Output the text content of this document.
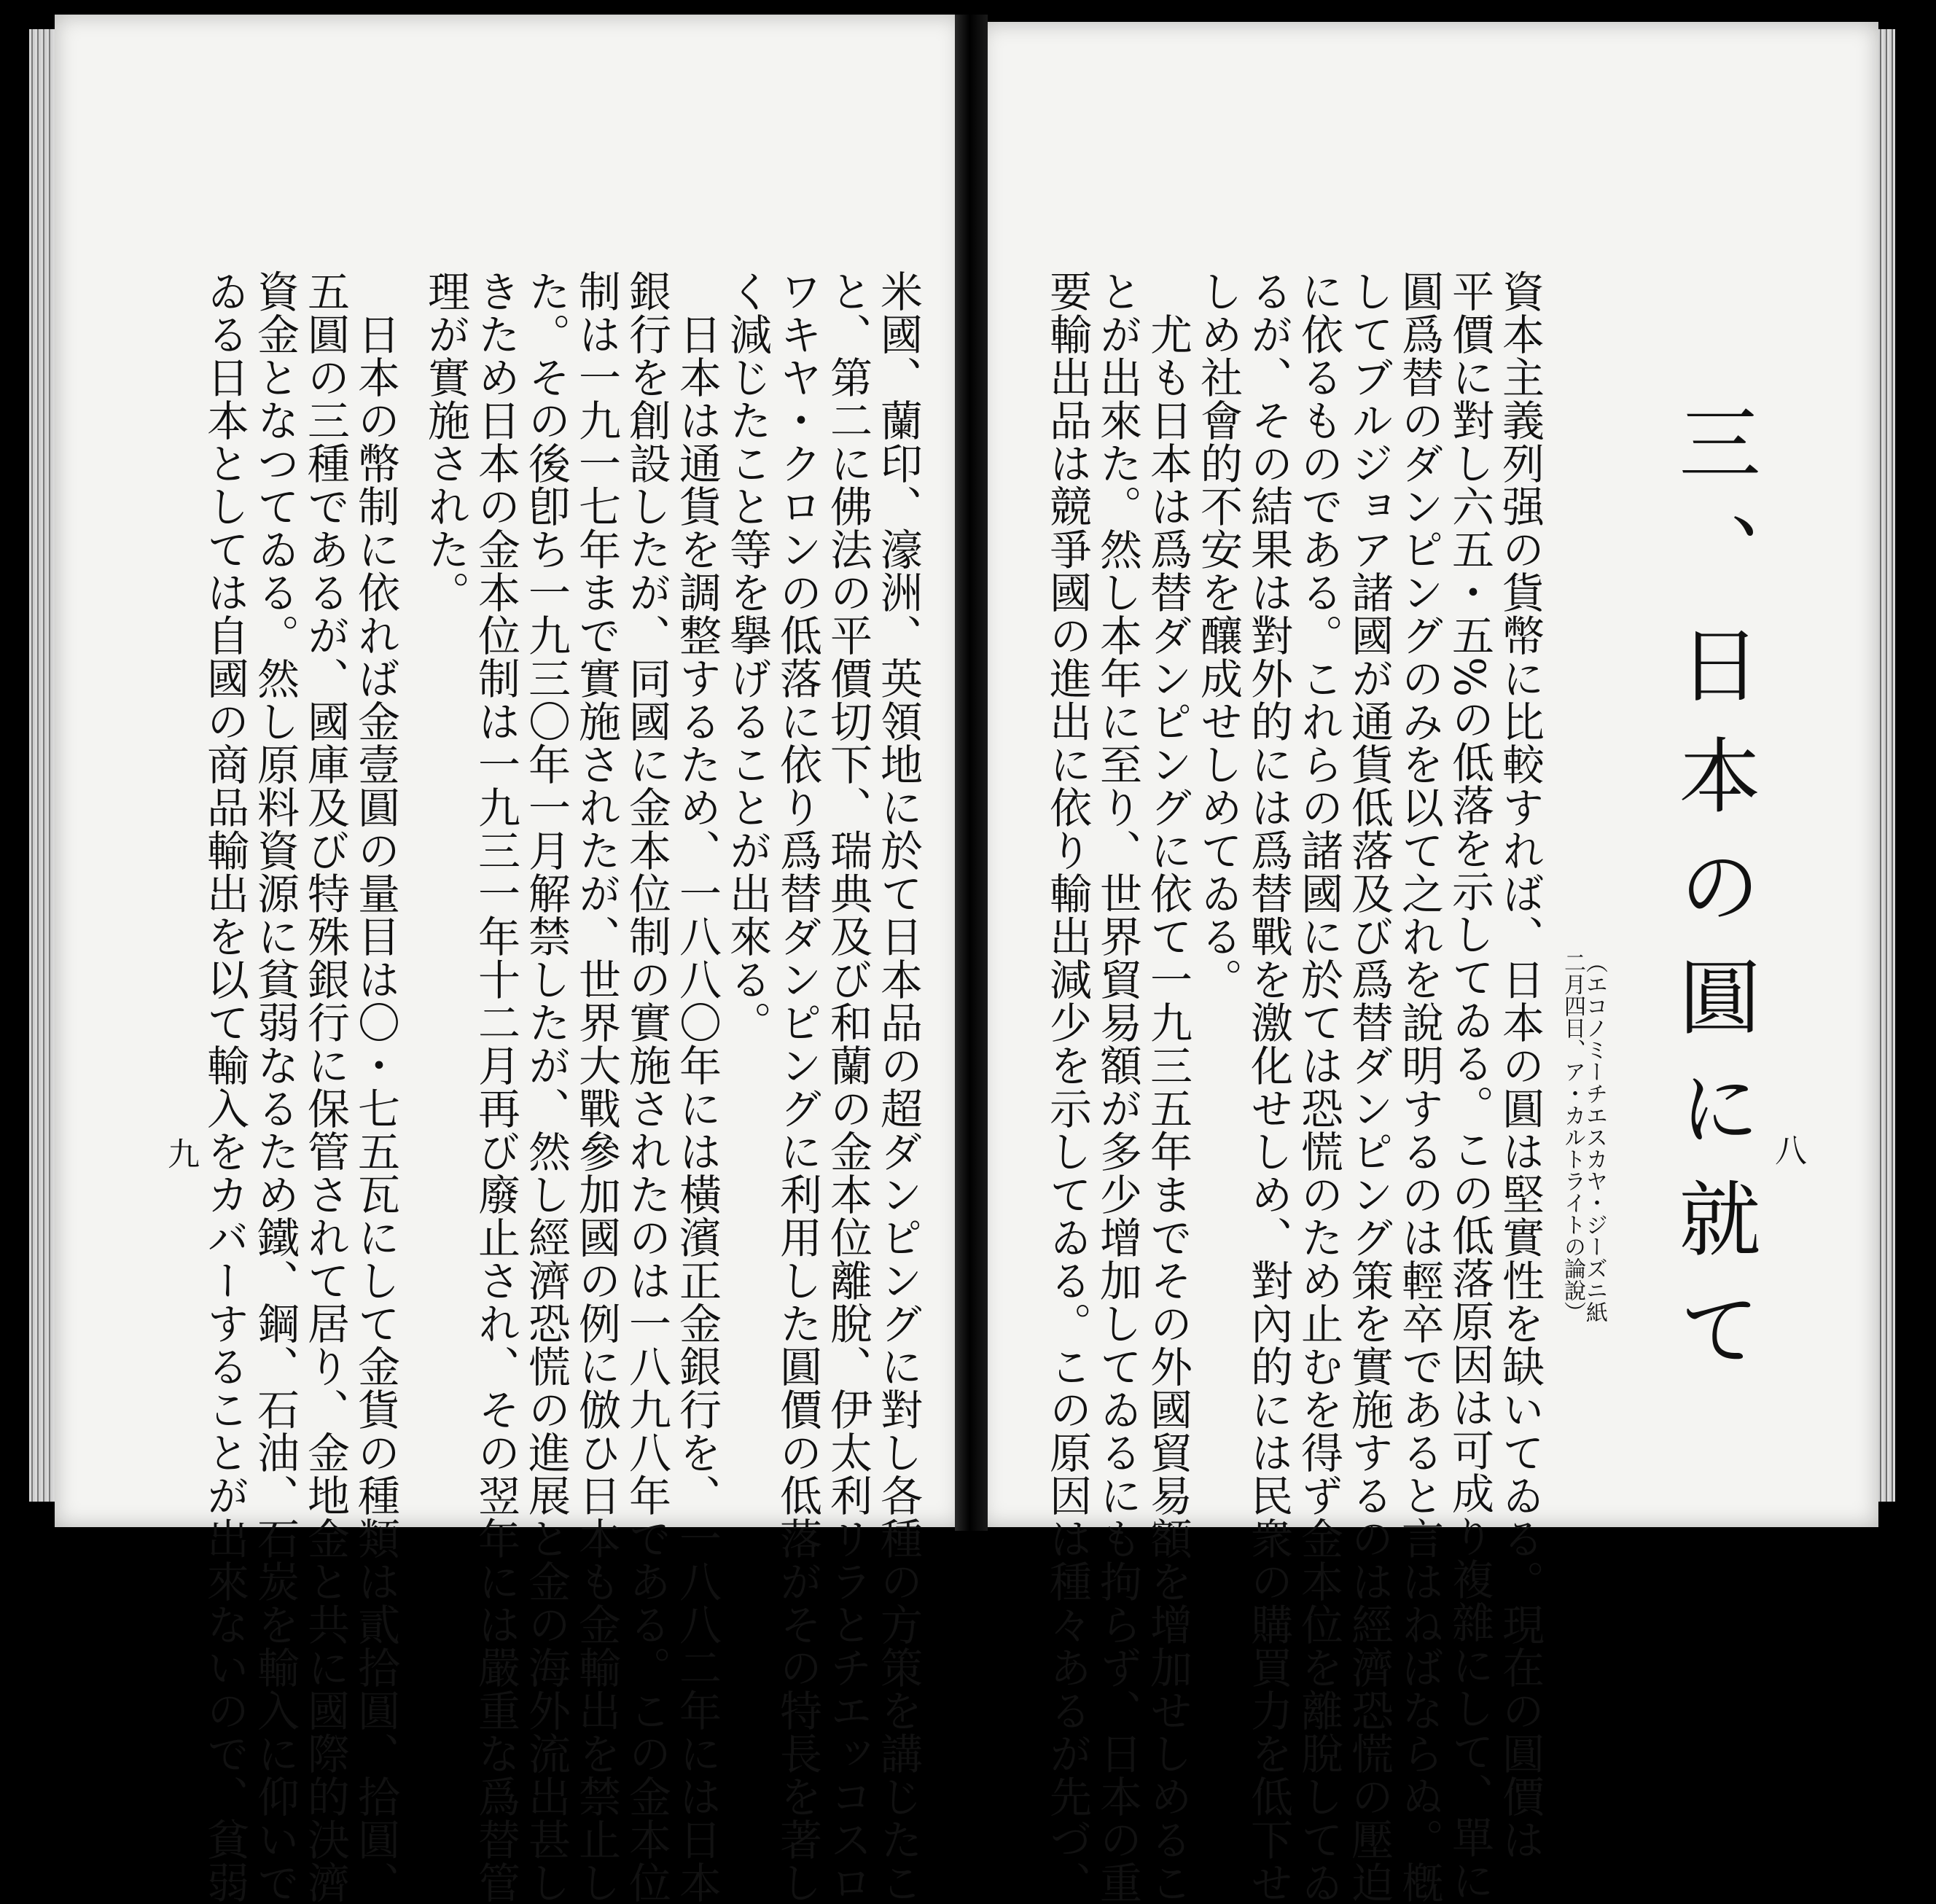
三、日本の圓に就て
（エコノミーチエスカヤ・ジーズニ紙
二月四日、ア・カルトライトの論說）
資本主義列强の貨幣に比較すれば、日本の圓は堅實性を缺いてゐる。現在の圓價は
平價に對し六五・五%の低落を示してゐる。この低落原因は可成り複雜にして、單に
圓爲替のダンピングのみを以て之れを說明するのは輕卒であると言はねばならぬ。槪
してブルジョア諸國が通貨低落及び爲替ダンピング策を實施するのは經濟恐慌の壓迫
に依るものである。これらの諸國に於ては恐慌のため止むを得ず金本位を離脫してゐ
るが、その結果は對外的には爲替戰を激化せしめ、對內的には民衆の購買力を低下せ
しめ社會的不安を釀成せしめてゐる。
　尤も日本は爲替ダンピングに依て一九三五年までその外國貿易額を增加せしめるこ
とが出來た。然し本年に至り、世界貿易額が多少增加してゐるにも拘らず、日本の重
要輸出品は競爭國の進出に依り輸出減少を示してゐる。この原因は種々あるが先づ、	八
米國、蘭印、濠洲、英領地に於て日本品の超ダンピングに對し各種の方策を講じたこ
と、第二に佛法の平價切下、瑞典及び和蘭の金本位離脫、伊太利リラとチエッコスロ
ワキヤ・クロンの低落に依り爲替ダンピングに利用した圓價の低落がその特長を著し
く減じたこと等を擧げることが出來る。
　日本は通貨を調整するため、一八八〇年には橫濱正金銀行を、一八八二年には日本
銀行を創設したが、同國に金本位制の實施されたのは一八九八年である。この金本位
制は一九一七年まで實施されたが、世界大戰參加國の例に倣ひ日本も金輸出を禁止し
た。その後卽ち一九三〇年一月解禁したが、然し經濟恐慌の進展と金の海外流出甚し
きため日本の金本位制は一九三一年十二月再び廢止され、その翌年には嚴重な爲替管
理が實施された。
　日本の幣制に依れば金壹圓の量目は〇・七五瓦にして金貨の種類は貳拾圓、拾圓、
五圓の三種であるが、國庫及び特殊銀行に保管されて居り、金地金と共に國際的決濟
資金となつてゐる。然し原料資源に貧弱なるため鐵、鋼、石油、石炭を輸入に仰いで
ゐる日本としては自國の商品輸出を以て輸入をカバーすることが出來ないので、貧弱
九
